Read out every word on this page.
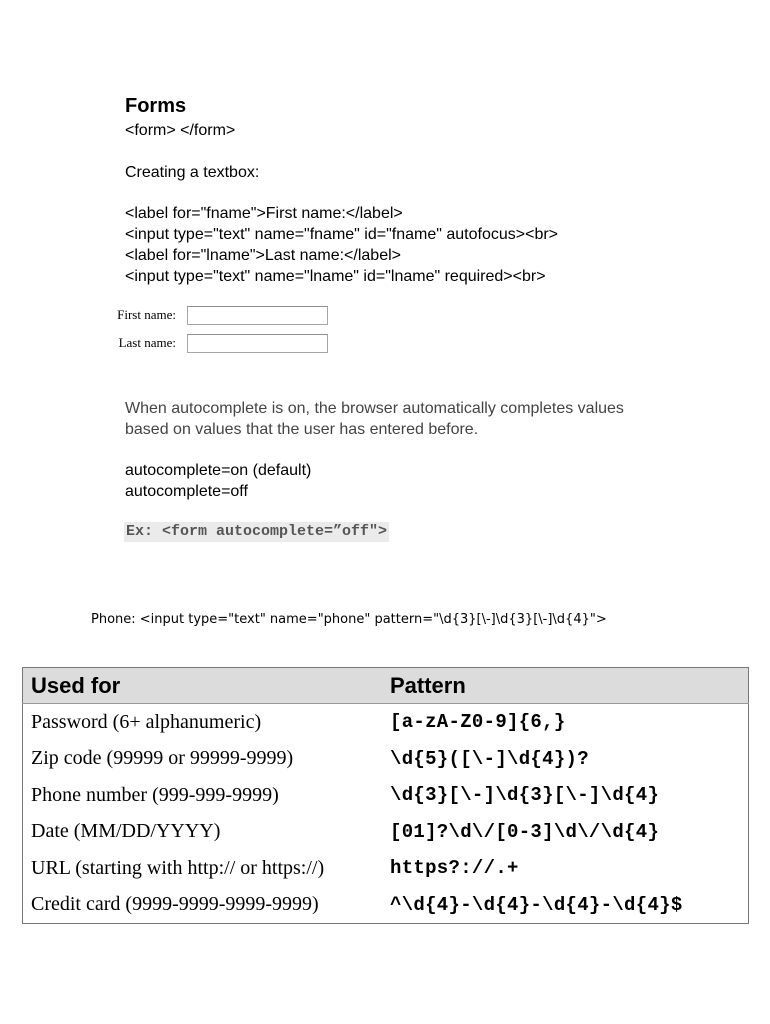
Forms
<form> </form>
Creating a textbox:
<label for="fname">First name:</label>
<input type="text" name="fname" id="fname" autofocus><br>
<label for="lname">Last name:</label>
<input type="text" name="lname" id="lname" required><br>
First name:
Last name:
When autocomplete is on, the browser automatically completes values
based on values that the user has entered before.
autocomplete=on (default)
autocomplete=off
Ex: <form autocomplete=”off">
Phone: <input type="text" name="phone" pattern="\d{3}[\-]\d{3}[\-]\d{4}">
Used for	Pattern
Password (6+ alphanumeric)	[a-zA-Z0-9]{6,}
Zip code (99999 or 99999-9999)	\d{5}([\-]\d{4})?
Phone number (999-999-9999)	\d{3}[\-]\d{3}[\-]\d{4}
Date (MM/DD/YYYY)	[01]?\d\/[0-3]\d\/\d{4}
URL (starting with http:// or https://)	https?://.+
Credit card (9999-9999-9999-9999)	^\d{4}-\d{4}-\d{4}-\d{4}$
